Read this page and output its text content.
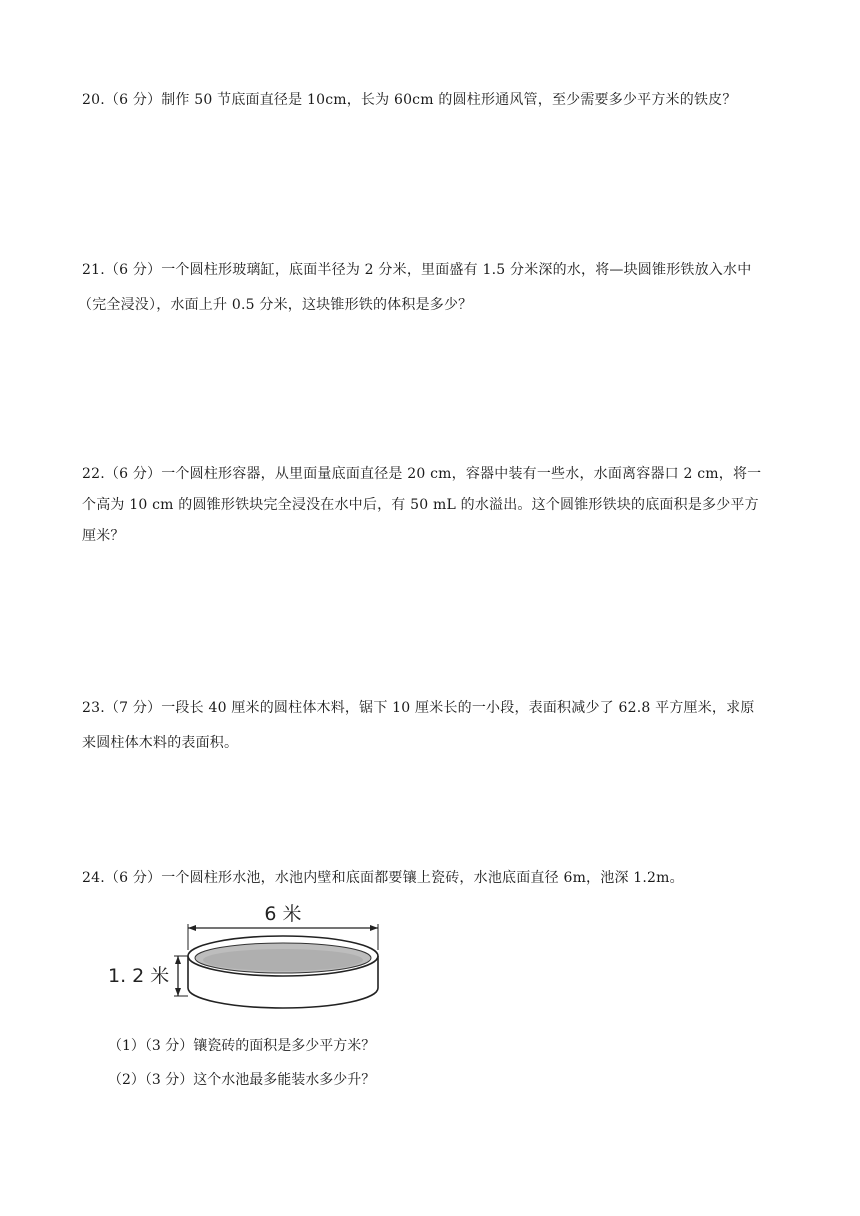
20.（6 分）制作 50 节底面直径是 10cm，长为 60cm 的圆柱形通风管，至少需要多少平方米的铁皮？
21.（6 分）一个圆柱形玻璃缸，底面半径为 2 分米，里面盛有 1.5 分米深的水，将—块圆锥形铁放入水中
（完全浸没），水面上升 0.5 分米，这块锥形铁的体积是多少？
22.（6 分）一个圆柱形容器，从里面量底面直径是 20 cm，容器中装有一些水，水面离容器口 2 cm，将一
个高为 10 cm 的圆锥形铁块完全浸没在水中后，有 50 mL 的水溢出。这个圆锥形铁块的底面积是多少平方
厘米？
23.（7 分）一段长 40 厘米的圆柱体木料，锯下 10 厘米长的一小段，表面积减少了 62.8 平方厘米，求原
来圆柱体木料的表面积。
24.（6 分）一个圆柱形水池，水池内壁和底面都要镶上瓷砖，水池底面直径 6m，池深 1.2m。
6 米
1. 2 米
（1）（3 分）镶瓷砖的面积是多少平方米？
（2）（3 分）这个水池最多能装水多少升？
